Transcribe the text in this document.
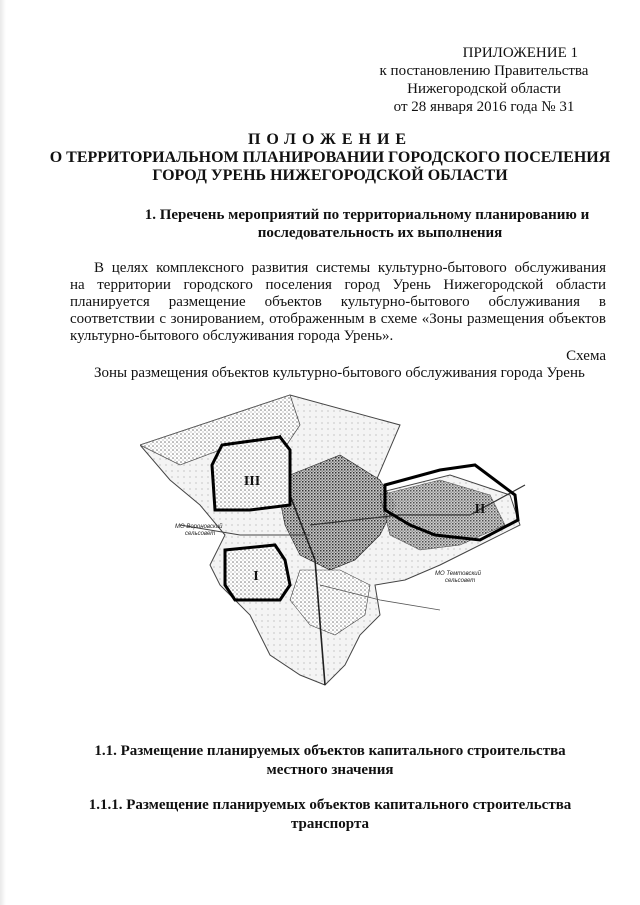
ПРИЛОЖЕНИЕ 1
к постановлению Правительства
Нижегородской области
от 28 января 2016 года № 31
ПОЛОЖЕНИЕ
О ТЕРРИТОРИАЛЬНОМ ПЛАНИРОВАНИИ ГОРОДСКОГО ПОСЕЛЕНИЯ
ГОРОД УРЕНЬ НИЖЕГОРОДСКОЙ ОБЛАСТИ
1. Перечень мероприятий по территориальному планированию и
последовательность их выполнения
В целях комплексного развития системы культурно-бытового обслуживания
на территории городского поселения город Урень Нижегородской области
планируется размещение объектов культурно-бытового обслуживания в
соответствии с зонированием, отображенным в схеме «Зоны размещения объектов
культурно-бытового обслуживания города Урень».
Схема
Зоны размещения объектов культурно-бытового обслуживания города Урень
III
II
I
МО Вороновский
сельсовет
МО Темтовский
сельсовет
1.1. Размещение планируемых объектов капитального строительства
местного значения
1.1.1. Размещение планируемых объектов капитального строительства
транспорта
